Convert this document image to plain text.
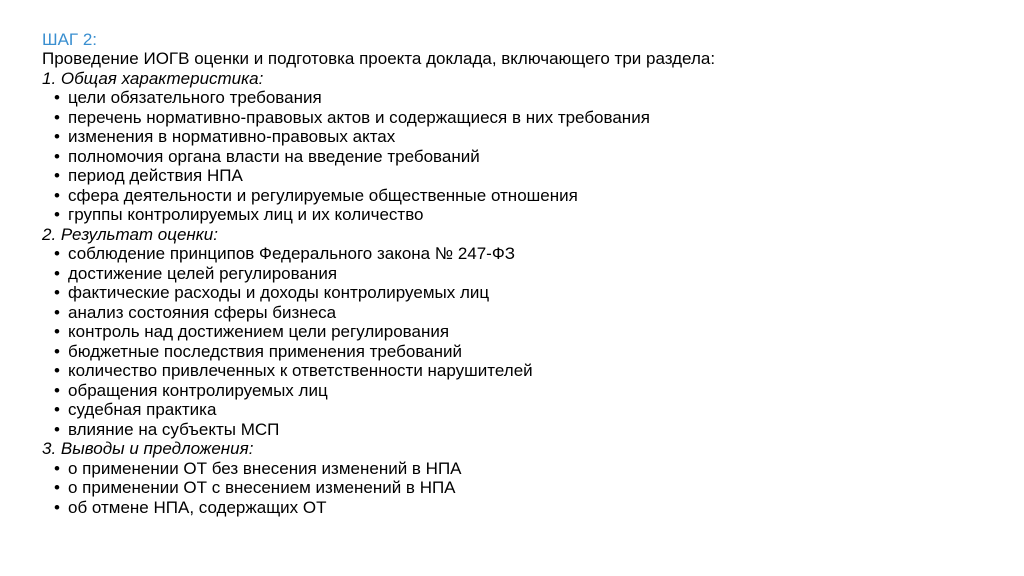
ШАГ 2:
Проведение ИОГВ оценки и подготовка проекта доклада, включающего три раздела:
1. Общая характеристика:
• цели обязательного требования
• перечень нормативно-правовых актов и содержащиеся в них требования
• изменения в нормативно-правовых актах
• полномочия органа власти на введение требований
• период действия НПА
• сфера деятельности и регулируемые общественные отношения
• группы контролируемых лиц и их количество
2. Результат оценки:
• соблюдение принципов Федерального закона № 247-ФЗ
• достижение целей регулирования
• фактические расходы и доходы контролируемых лиц
• анализ состояния сферы бизнеса
• контроль над достижением цели регулирования
• бюджетные последствия применения требований
• количество привлеченных к ответственности нарушителей
• обращения контролируемых лиц
• судебная практика
• влияние на субъекты МСП
3. Выводы и предложения:
• о применении ОТ без внесения изменений в НПА
• о применении ОТ с внесением изменений в НПА
• об отмене НПА, содержащих ОТ
